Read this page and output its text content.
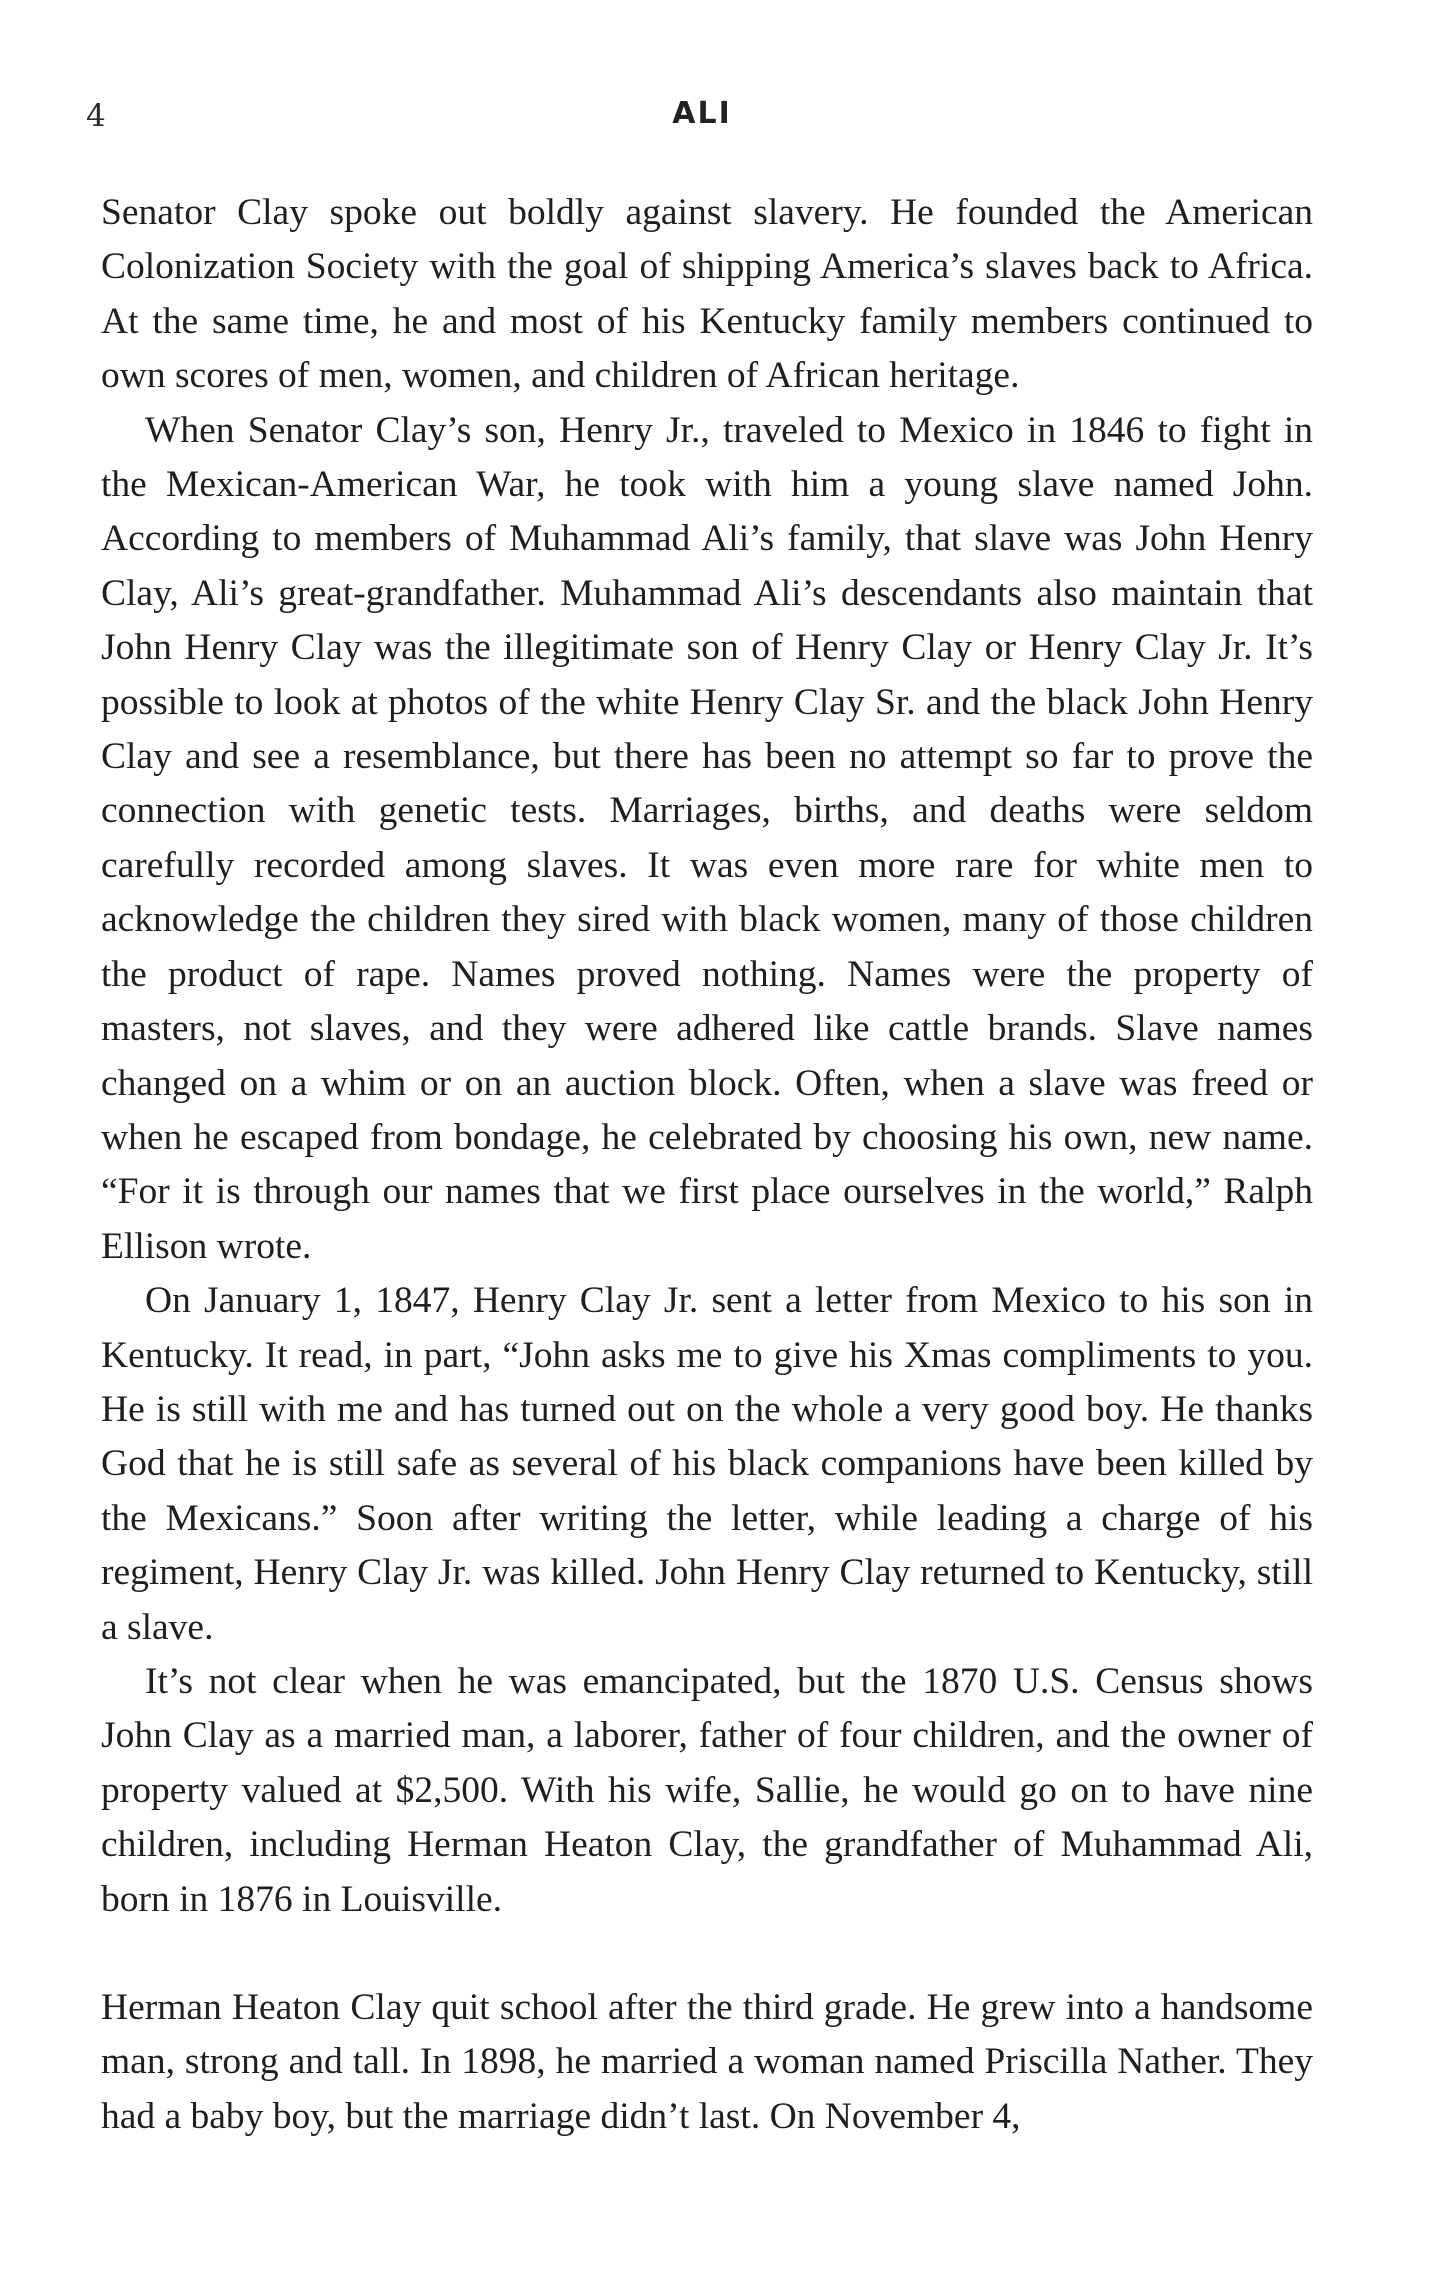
4	ALI

Senator Clay spoke out boldly against slavery. He founded the American Colonization Society with the goal of shipping America’s slaves back to Africa. At the same time, he and most of his Kentucky family members continued to own scores of men, women, and children of African heritage.

When Senator Clay’s son, Henry Jr., traveled to Mexico in 1846 to fight in the Mexican-American War, he took with him a young slave named John. According to members of Muhammad Ali’s family, that slave was John Henry Clay, Ali’s great-grandfather. Muhammad Ali’s descendants also maintain that John Henry Clay was the illegitimate son of Henry Clay or Henry Clay Jr. It’s possible to look at photos of the white Henry Clay Sr. and the black John Henry Clay and see a resemblance, but there has been no attempt so far to prove the connection with genetic tests. Marriages, births, and deaths were seldom carefully recorded among slaves. It was even more rare for white men to acknowledge the children they sired with black women, many of those children the product of rape. Names proved nothing. Names were the property of masters, not slaves, and they were adhered like cattle brands. Slave names changed on a whim or on an auction block. Often, when a slave was freed or when he escaped from bondage, he celebrated by choosing his own, new name. “For it is through our names that we first place ourselves in the world,” Ralph Ellison wrote.

On January 1, 1847, Henry Clay Jr. sent a letter from Mexico to his son in Kentucky. It read, in part, “John asks me to give his Xmas compliments to you. He is still with me and has turned out on the whole a very good boy. He thanks God that he is still safe as several of his black companions have been killed by the Mexicans.” Soon after writing the letter, while leading a charge of his regiment, Henry Clay Jr. was killed. John Henry Clay returned to Kentucky, still a slave.

It’s not clear when he was emancipated, but the 1870 U.S. Census shows John Clay as a married man, a laborer, father of four children, and the owner of property valued at $2,500. With his wife, Sallie, he would go on to have nine children, including Herman Heaton Clay, the grandfather of Muhammad Ali, born in 1876 in Louisville.

Herman Heaton Clay quit school after the third grade. He grew into a handsome man, strong and tall. In 1898, he married a woman named Priscilla Nather. They had a baby boy, but the marriage didn’t last. On November 4,
